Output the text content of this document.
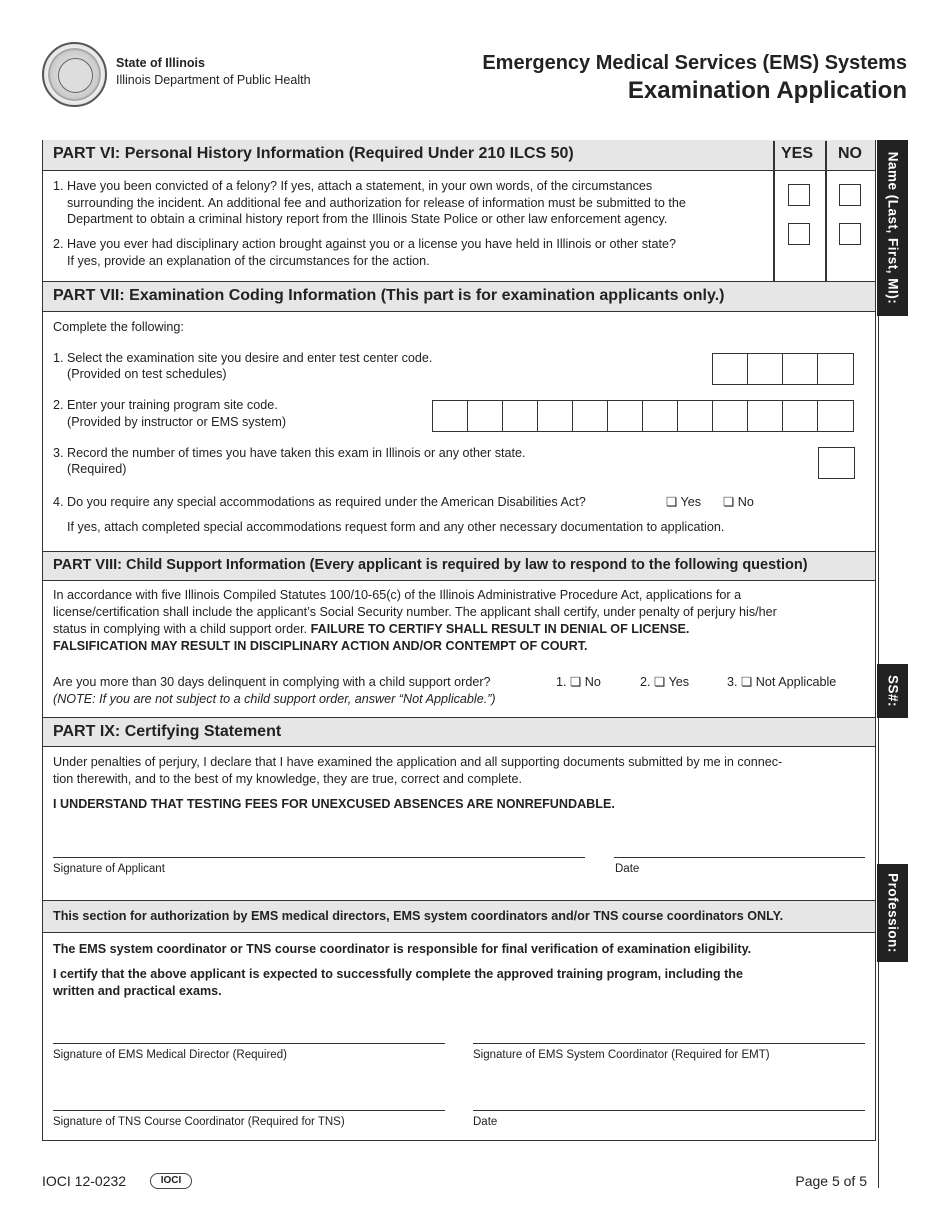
State of Illinois
Illinois Department of Public Health
Emergency Medical Services (EMS) Systems
Examination Application
Name (Last, First, MI):
SS#:
Profession:
PART VI: Personal History Information (Required Under 210 ILCS 50)	YES NO
1. Have you been convicted of a felony? If yes, attach a statement, in your own words, of the circumstances
surrounding the incident. An additional fee and authorization for release of information must be submitted to the
Department to obtain a criminal history report from the Illinois State Police or other law enforcement agency.
2. Have you ever had disciplinary action brought against you or a license you have held in Illinois or other state?
If yes, provide an explanation of the circumstances for the action.
PART VII: Examination Coding Information (This part is for examination applicants only.)
Complete the following:
1. Select the examination site you desire and enter test center code.
(Provided on test schedules)
2. Enter your training program site code.
(Provided by instructor or EMS system)
3. Record the number of times you have taken this exam in Illinois or any other state.
(Required)
4. Do you require any special accommodations as required under the American Disabilities Act?	❏ Yes ❏ No
If yes, attach completed special accommodations request form and any other necessary documentation to application.
PART VIII: Child Support Information (Every applicant is required by law to respond to the following question)
In accordance with five Illinois Compiled Statutes 100/10-65(c) of the Illinois Administrative Procedure Act, applications for a
license/certification shall include the applicant’s Social Security number. The applicant shall certify, under penalty of perjury his/her
status in complying with a child support order. FAILURE TO CERTIFY SHALL RESULT IN DENIAL OF LICENSE.
FALSIFICATION MAY RESULT IN DISCIPLINARY ACTION AND/OR CONTEMPT OF COURT.
Are you more than 30 days delinquent in complying with a child support order?	1. ❏ No	2. ❏ Yes	3. ❏ Not Applicable
(NOTE: If you are not subject to a child support order, answer “Not Applicable.”)
PART IX: Certifying Statement
Under penalties of perjury, I declare that I have examined the application and all supporting documents submitted by me in connec-
tion therewith, and to the best of my knowledge, they are true, correct and complete.
I UNDERSTAND THAT TESTING FEES FOR UNEXCUSED ABSENCES ARE NONREFUNDABLE.
Signature of Applicant	Date
This section for authorization by EMS medical directors, EMS system coordinators and/or TNS course coordinators ONLY.
The EMS system coordinator or TNS course coordinator is responsible for final verification of examination eligibility.
I certify that the above applicant is expected to successfully complete the approved training program, including the
written and practical exams.
Signature of EMS Medical Director (Required)	Signature of EMS System Coordinator (Required for EMT)
Signature of TNS Course Coordinator (Required for TNS)	Date
IOCI 12-0232	IOCI	Page 5 of 5
